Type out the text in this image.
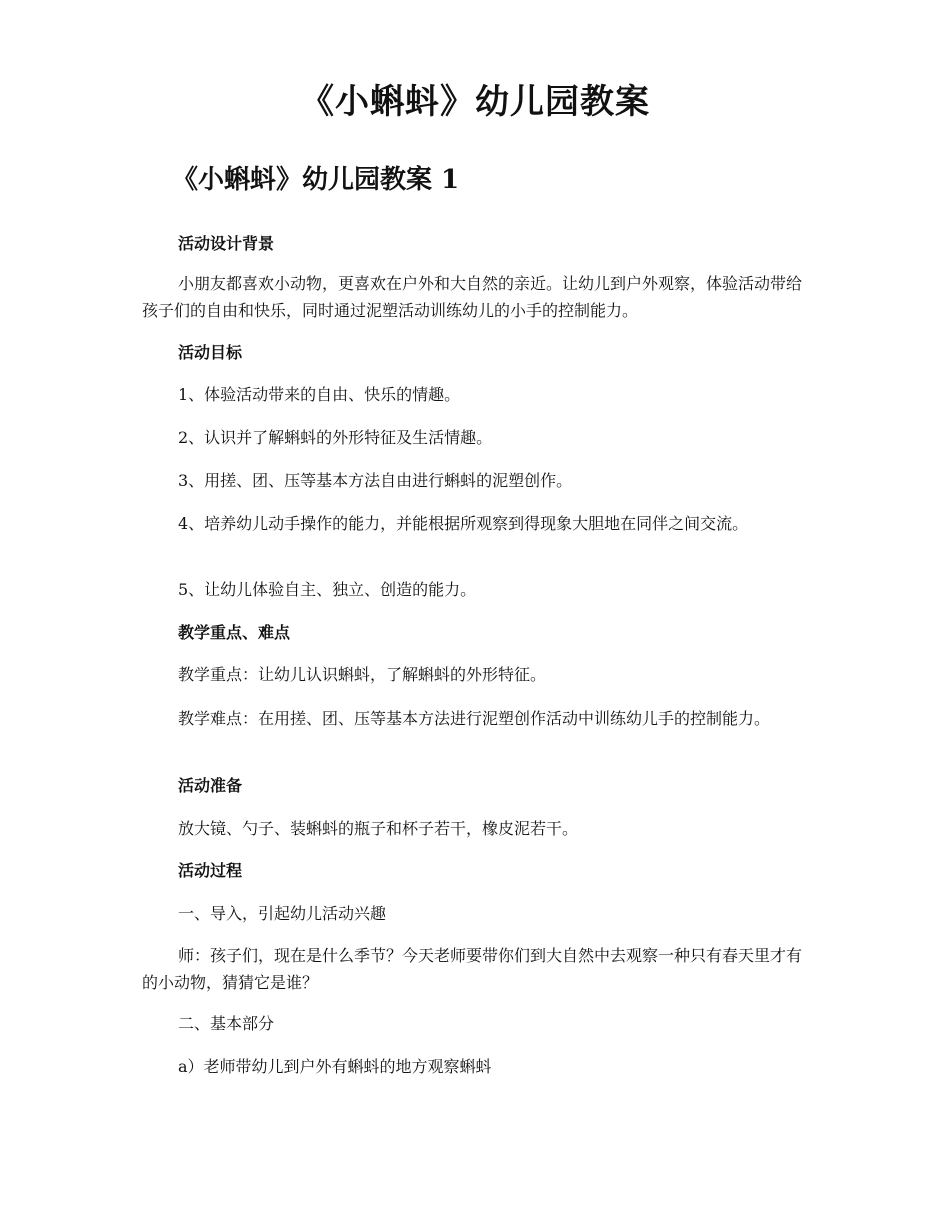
《小蝌蚪》幼儿园教案
《小蝌蚪》幼儿园教案 1
活动设计背景
小朋友都喜欢小动物，更喜欢在户外和大自然的亲近。让幼儿到户外观察，体验活动带给孩子们的自由和快乐，同时通过泥塑活动训练幼儿的小手的控制能力。
活动目标
1、体验活动带来的自由、快乐的情趣。
2、认识并了解蝌蚪的外形特征及生活情趣。
3、用搓、团、压等基本方法自由进行蝌蚪的泥塑创作。
4、培养幼儿动手操作的能力，并能根据所观察到得现象大胆地在同伴之间交流。
5、让幼儿体验自主、独立、创造的能力。
教学重点、难点
教学重点：让幼儿认识蝌蚪，了解蝌蚪的外形特征。
教学难点：在用搓、团、压等基本方法进行泥塑创作活动中训练幼儿手的控制能力。
活动准备
放大镜、勺子、装蝌蚪的瓶子和杯子若干，橡皮泥若干。
活动过程
一、导入，引起幼儿活动兴趣
师：孩子们，现在是什么季节？今天老师要带你们到大自然中去观察一种只有春天里才有的小动物，猜猜它是谁？
二、基本部分
a）老师带幼儿到户外有蝌蚪的地方观察蝌蚪
